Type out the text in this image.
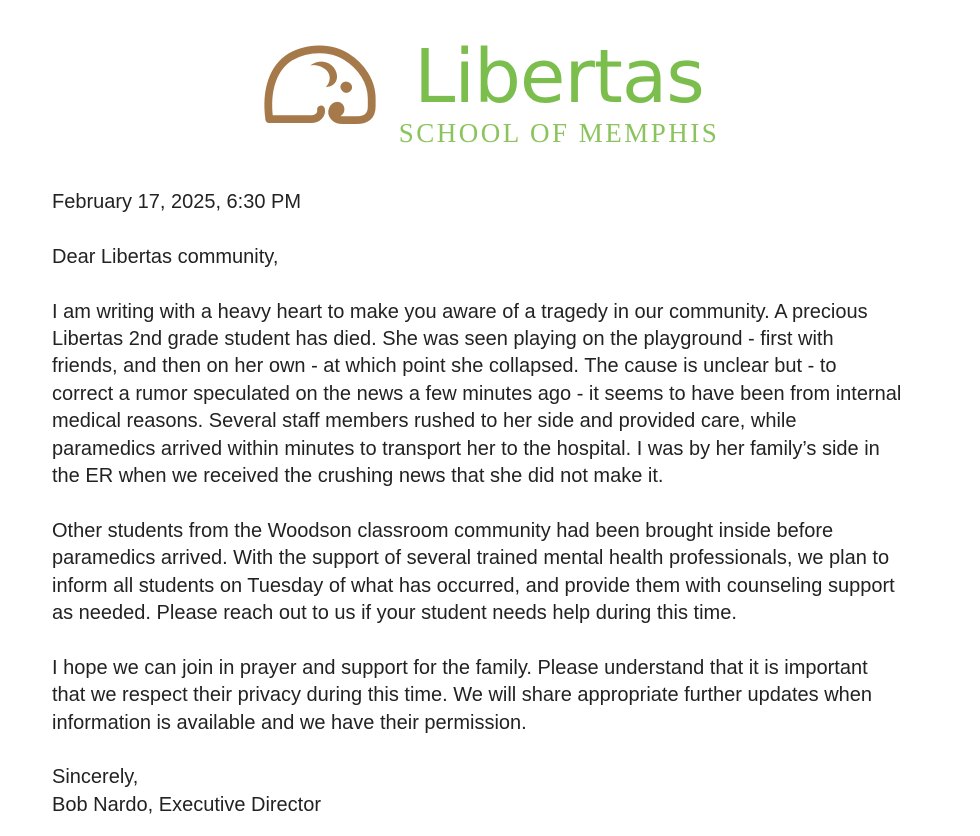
Libertas
SCHOOL OF MEMPHIS
February 17, 2025, 6:30 PM
Dear Libertas community,
I am writing with a heavy heart to make you aware of a tragedy in our community. A precious
Libertas 2nd grade student has died. She was seen playing on the playground - first with
friends, and then on her own - at which point she collapsed. The cause is unclear but - to
correct a rumor speculated on the news a few minutes ago - it seems to have been from internal
medical reasons. Several staff members rushed to her side and provided care, while
paramedics arrived within minutes to transport her to the hospital. I was by her family’s side in
the ER when we received the crushing news that she did not make it.
Other students from the Woodson classroom community had been brought inside before
paramedics arrived. With the support of several trained mental health professionals, we plan to
inform all students on Tuesday of what has occurred, and provide them with counseling support
as needed. Please reach out to us if your student needs help during this time.
I hope we can join in prayer and support for the family. Please understand that it is important
that we respect their privacy during this time. We will share appropriate further updates when
information is available and we have their permission.
Sincerely,
Bob Nardo, Executive Director
